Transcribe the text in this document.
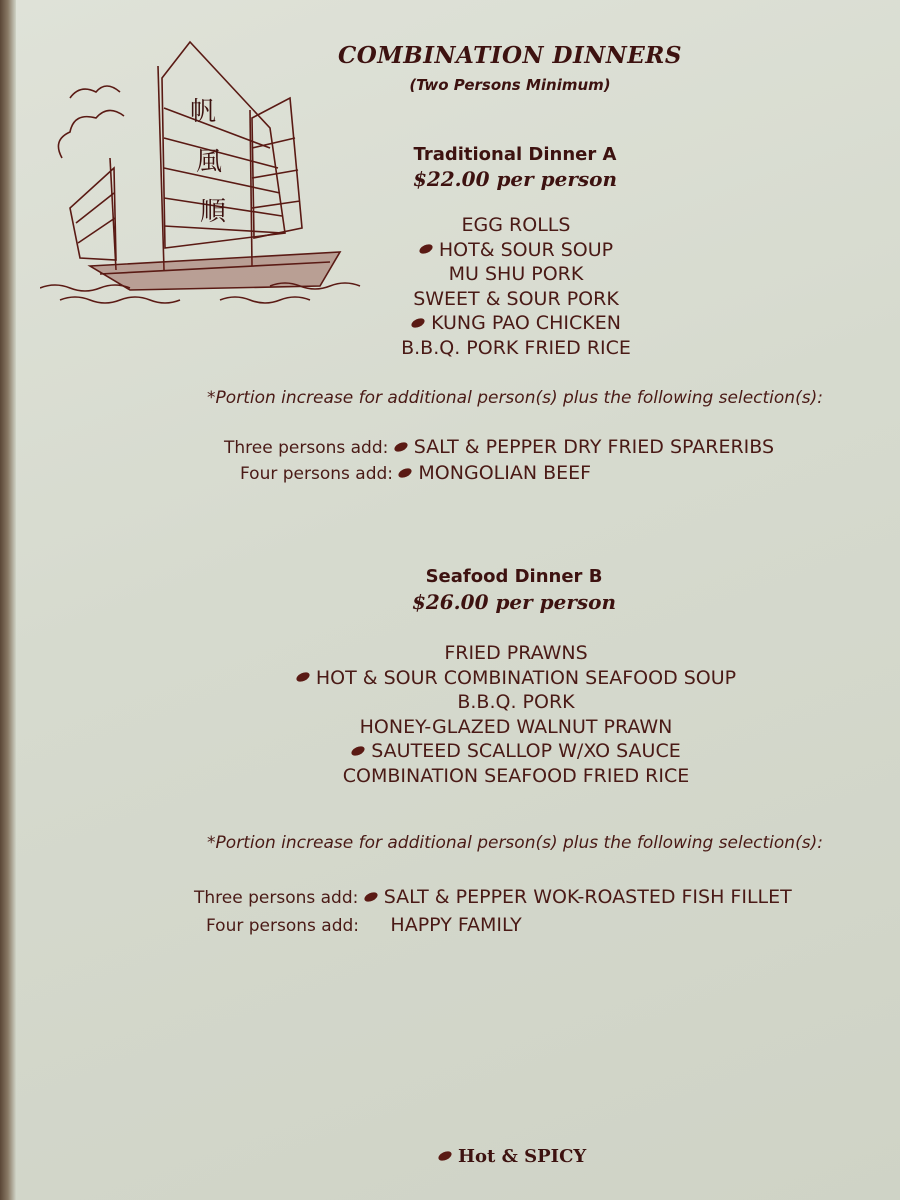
帆
風
順
COMBINATION DINNERS
(Two Persons Minimum)
Traditional Dinner A
$22.00 per person
EGG ROLLS
HOT& SOUR SOUP
MU SHU PORK
SWEET & SOUR PORK
KUNG PAO CHICKEN
B.B.Q. PORK FRIED RICE
*Portion increase for additional person(s) plus the following selection(s):
Three persons add: SALT & PEPPER DRY FRIED SPARERIBS
Four persons add: MONGOLIAN BEEF
Seafood Dinner B
$26.00 per person
FRIED PRAWNS
HOT & SOUR COMBINATION SEAFOOD SOUP
B.B.Q. PORK
HONEY-GLAZED WALNUT PRAWN
SAUTEED SCALLOP W/XO SAUCE
COMBINATION SEAFOOD FRIED RICE
*Portion increase for additional person(s) plus the following selection(s):
Three persons add: SALT & PEPPER WOK-ROASTED FISH FILLET
Four persons add: HAPPY FAMILY
Hot & SPICY
